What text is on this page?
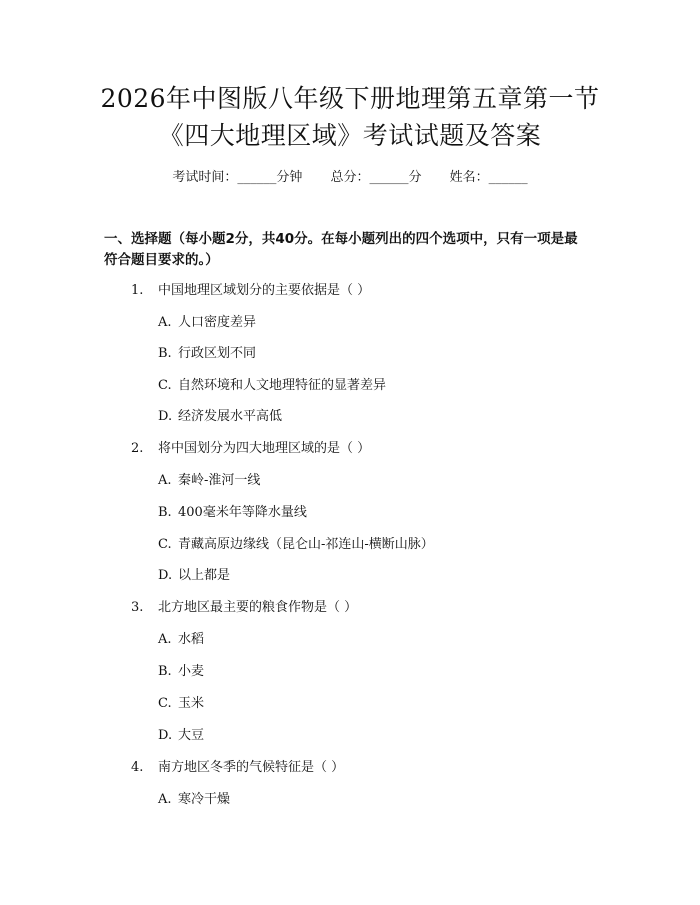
2026年中图版八年级下册地理第五章第一节
《四大地理区域》考试试题及答案
考试时间：______分钟 总分：______分 姓名：______
一、选择题（每小题2分，共40分。在每小题列出的四个选项中，只有一项是最
符合题目要求的。）
1. 中国地理区域划分的主要依据是（ ）
A. 人口密度差异
B. 行政区划不同
C. 自然环境和人文地理特征的显著差异
D. 经济发展水平高低
2. 将中国划分为四大地理区域的是（ ）
A. 秦岭-淮河一线
B. 400毫米年等降水量线
C. 青藏高原边缘线（昆仑山-祁连山-横断山脉）
D. 以上都是
3. 北方地区最主要的粮食作物是（ ）
A. 水稻
B. 小麦
C. 玉米
D. 大豆
4. 南方地区冬季的气候特征是（ ）
A. 寒冷干燥
